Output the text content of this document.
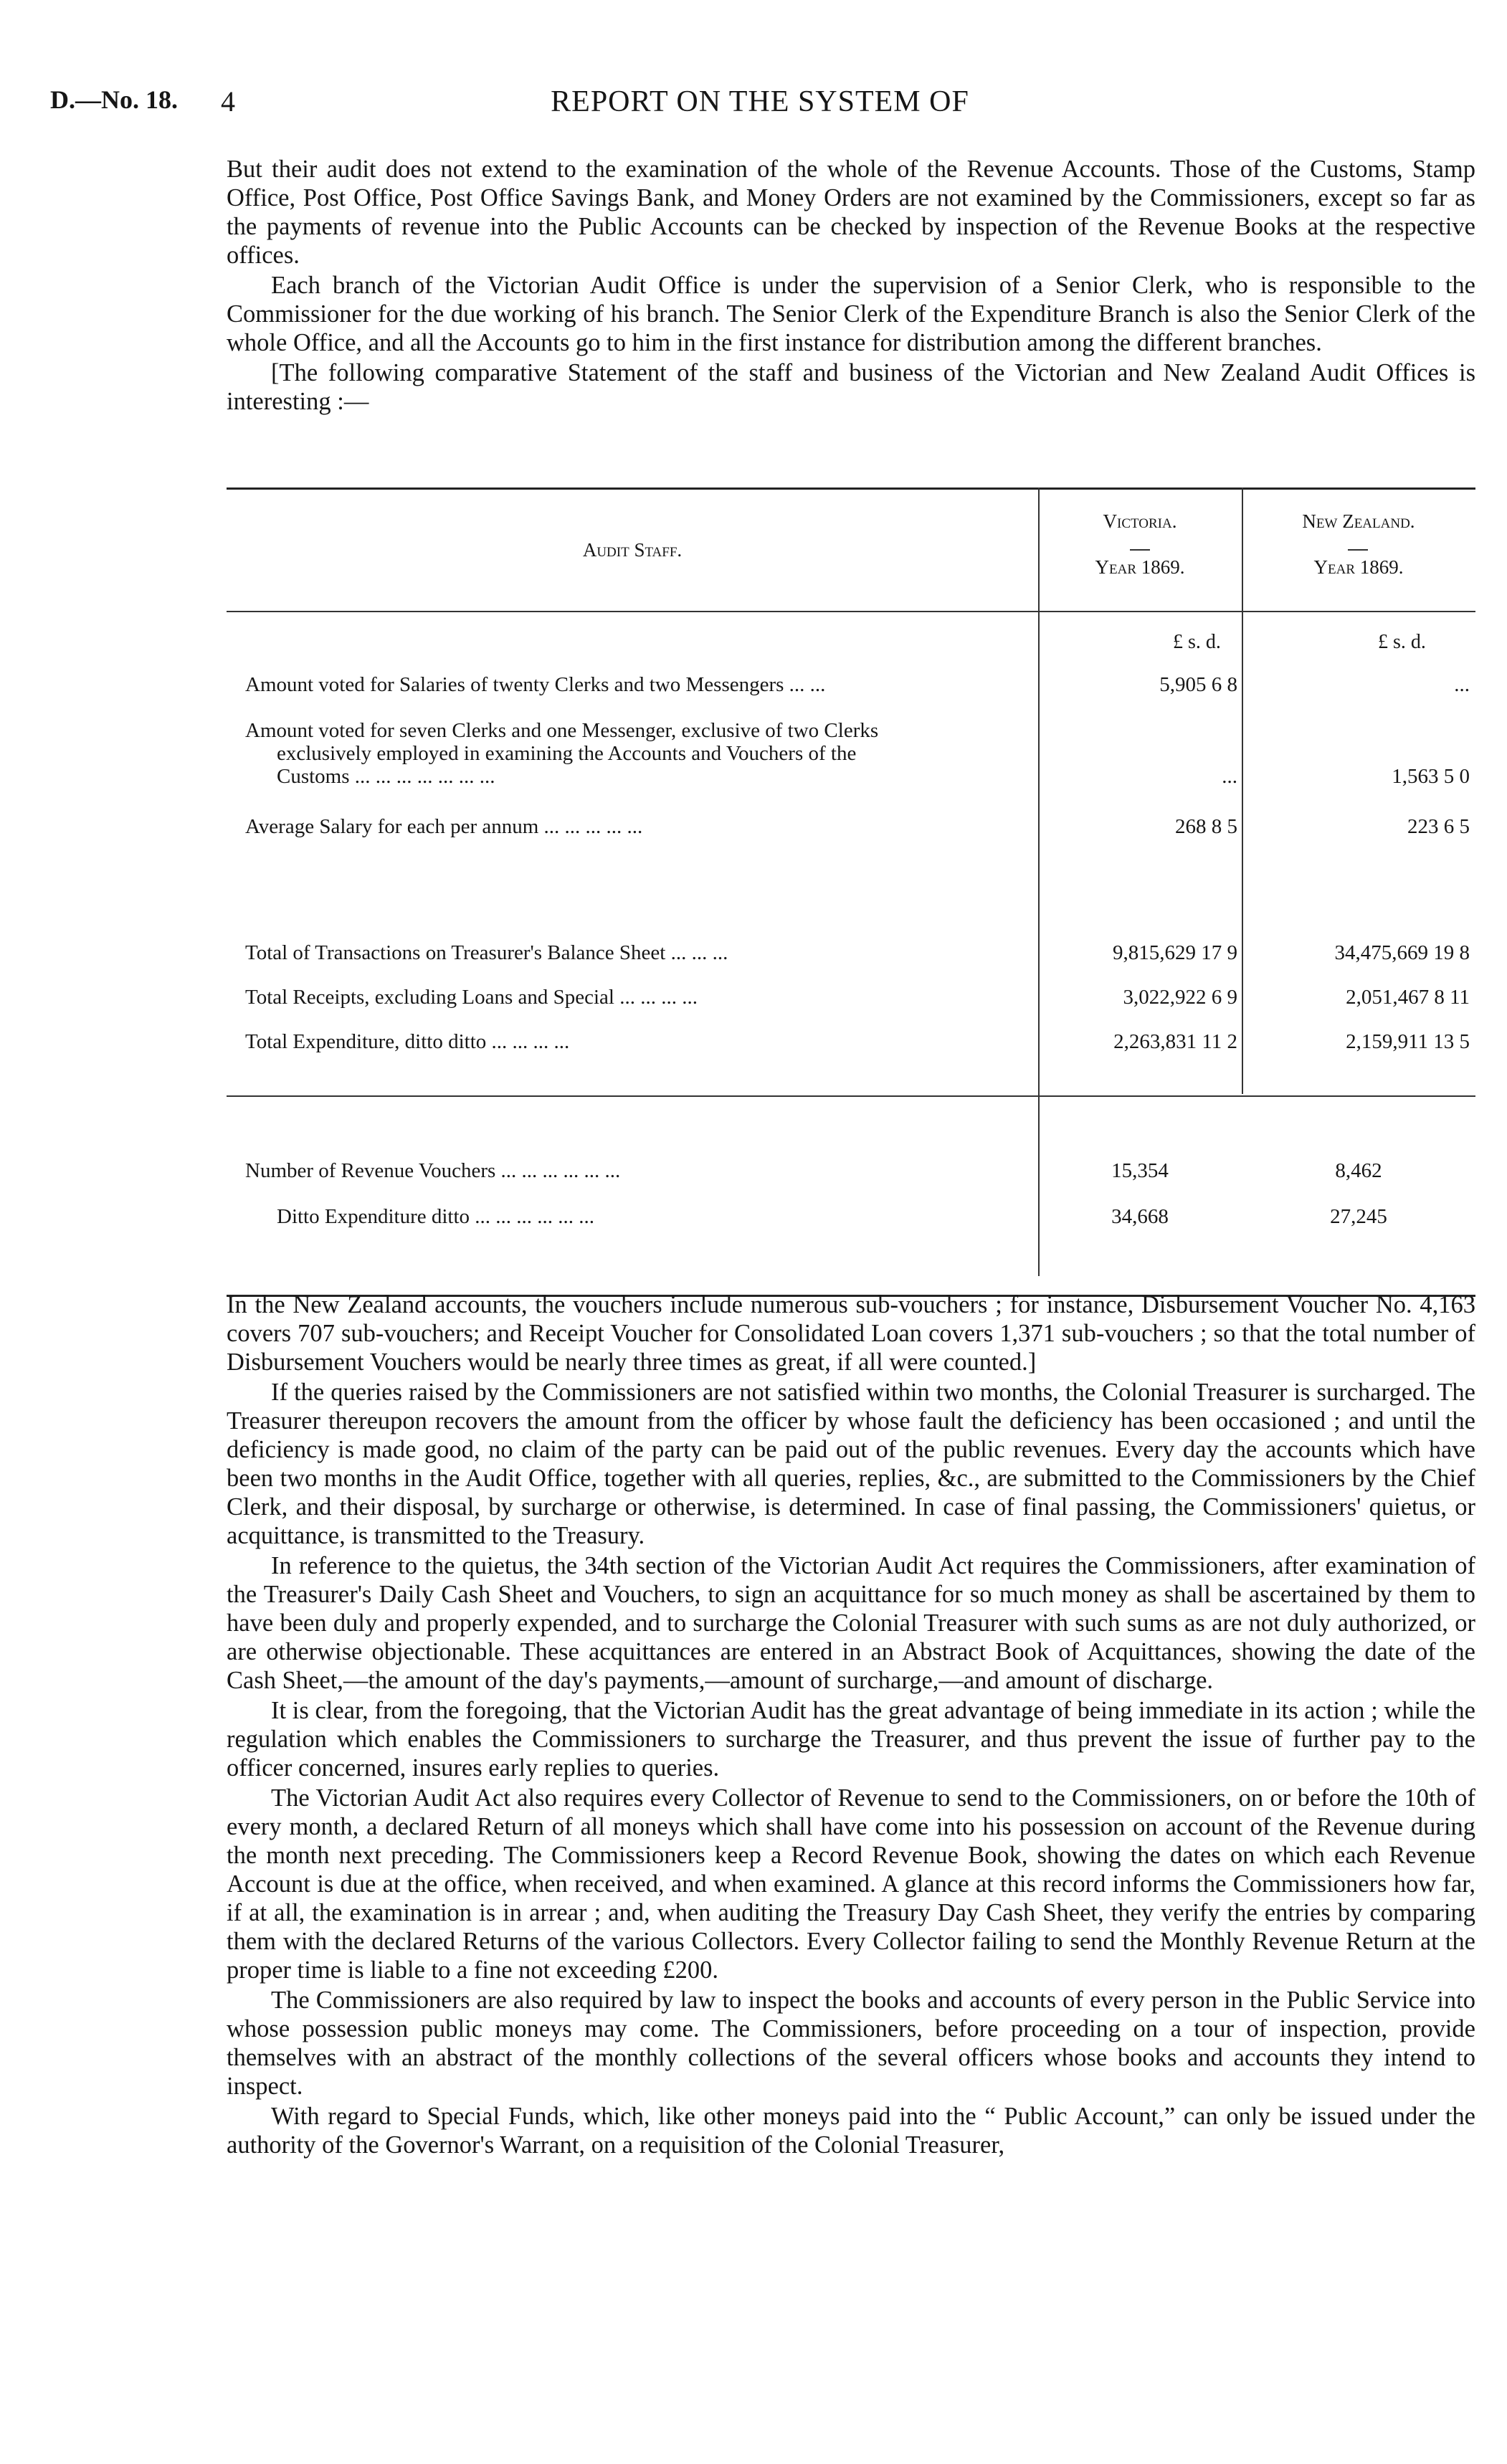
D.—No. 18. 4	REPORT ON THE SYSTEM OF

But their audit does not extend to the examination of the whole of the Revenue Accounts. Those of the Customs, Stamp Office, Post Office, Post Office Savings Bank, and Money Orders are not examined by the Commissioners, except so far as the payments of revenue into the Public Accounts can be checked by inspection of the Revenue Books at the respective offices.

Each branch of the Victorian Audit Office is under the supervision of a Senior Clerk, who is responsible to the Commissioner for the due working of his branch. The Senior Clerk of the Expenditure Branch is also the Senior Clerk of the whole Office, and all the Accounts go to him in the first instance for distribution among the different branches.

[The following comparative Statement of the staff and business of the Victorian and New Zealand Audit Offices is interesting :—

Audit Staff.
Victoria.	New Zealand.
Year 1869.	Year 1869.
£ s. d.	£ s. d.
Amount voted for Salaries of twenty Clerks and two Messengers ... ...	5,905 6 8	...
Amount voted for seven Clerks and one Messenger, exclusive of two Clerks
exclusively employed in examining the Accounts and Vouchers of the
Customs ... ... ... ... ... ... ...	...	1,563 5 0
Average Salary for each per annum ... ... ... ... ...	268 8 5	223 6 5
Total of Transactions on Treasurer's Balance Sheet ... ... ...	9,815,629 17 9	34,475,669 19 8
Total Receipts, excluding Loans and Special ... ... ... ...	3,022,922 6 9	2,051,467 8 11
Total Expenditure, ditto ditto ... ... ... ...	2,263,831 11 2	2,159,911 13 5
Number of Revenue Vouchers ... ... ... ... ... ...	15,354	8,462
Ditto Expenditure ditto ... ... ... ... ... ...	34,668	27,245

In the New Zealand accounts, the vouchers include numerous sub-vouchers ; for instance, Disbursement Voucher No. 4,163 covers 707 sub-vouchers; and Receipt Voucher for Consolidated Loan covers 1,371 sub-vouchers ; so that the total number of Disbursement Vouchers would be nearly three times as great, if all were counted.]

If the queries raised by the Commissioners are not satisfied within two months, the Colonial Treasurer is surcharged. The Treasurer thereupon recovers the amount from the officer by whose fault the deficiency has been occasioned ; and until the deficiency is made good, no claim of the party can be paid out of the public revenues. Every day the accounts which have been two months in the Audit Office, together with all queries, replies, &c., are submitted to the Commissioners by the Chief Clerk, and their disposal, by surcharge or otherwise, is determined. In case of final passing, the Commissioners' quietus, or acquittance, is transmitted to the Treasury.

In reference to the quietus, the 34th section of the Victorian Audit Act requires the Commissioners, after examination of the Treasurer's Daily Cash Sheet and Vouchers, to sign an acquittance for so much money as shall be ascertained by them to have been duly and properly expended, and to surcharge the Colonial Treasurer with such sums as are not duly authorized, or are otherwise objectionable. These acquittances are entered in an Abstract Book of Acquittances, showing the date of the Cash Sheet,—the amount of the day's payments,—amount of surcharge,—and amount of discharge.

It is clear, from the foregoing, that the Victorian Audit has the great advantage of being immediate in its action ; while the regulation which enables the Commissioners to surcharge the Treasurer, and thus prevent the issue of further pay to the officer concerned, insures early replies to queries.

The Victorian Audit Act also requires every Collector of Revenue to send to the Commissioners, on or before the 10th of every month, a declared Return of all moneys which shall have come into his possession on account of the Revenue during the month next preceding. The Commissioners keep a Record Revenue Book, showing the dates on which each Revenue Account is due at the office, when received, and when examined. A glance at this record informs the Commissioners how far, if at all, the examination is in arrear ; and, when auditing the Treasury Day Cash Sheet, they verify the entries by comparing them with the declared Returns of the various Collectors. Every Collector failing to send the Monthly Revenue Return at the proper time is liable to a fine not exceeding £200.

The Commissioners are also required by law to inspect the books and accounts of every person in the Public Service into whose possession public moneys may come. The Commissioners, before proceeding on a tour of inspection, provide themselves with an abstract of the monthly collections of the several officers whose books and accounts they intend to inspect.

With regard to Special Funds, which, like other moneys paid into the “ Public Account,” can only be issued under the authority of the Governor's Warrant, on a requisition of the Colonial Treasurer,
